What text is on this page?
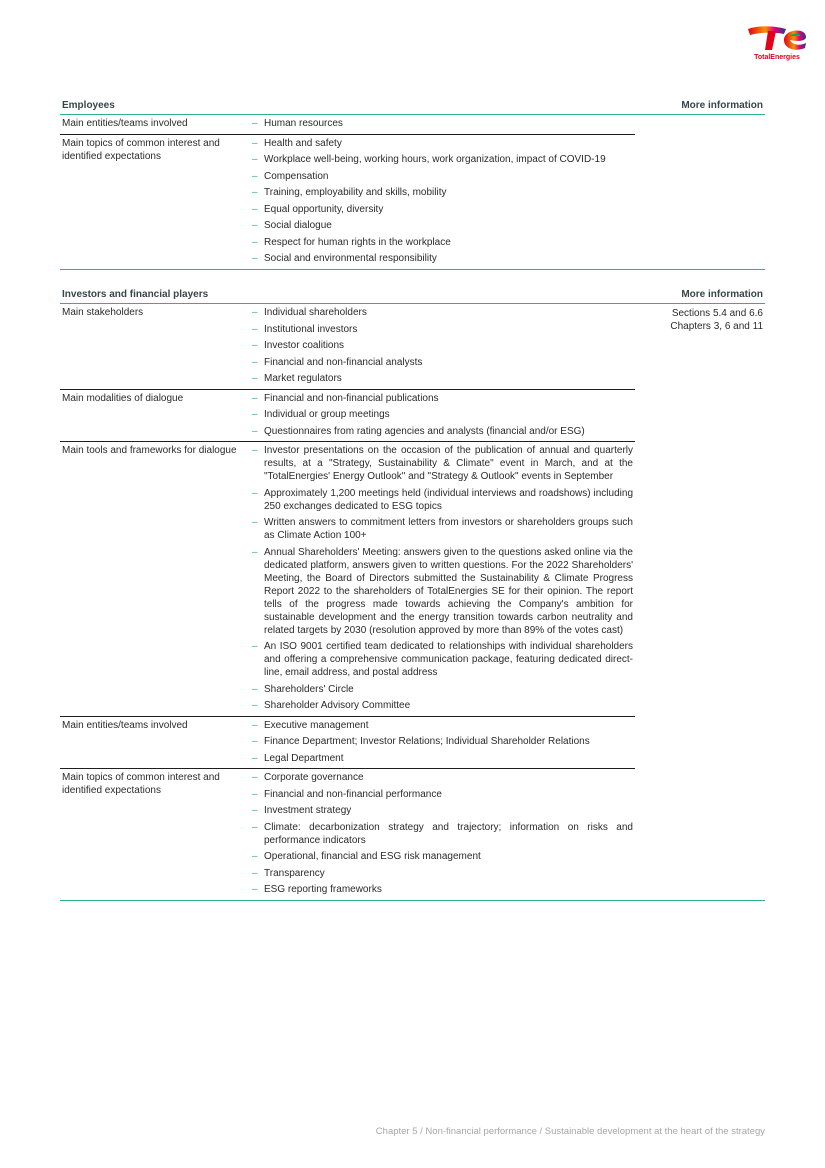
TotalEnergies
Employees	More information
Main entities/teams involved	– Human resources
Main topics of common interest and identified expectations
– Health and safety
– Workplace well-being, working hours, work organization, impact of COVID-19
– Compensation
– Training, employability and skills, mobility
– Equal opportunity, diversity
– Social dialogue
– Respect for human rights in the workplace
– Social and environmental responsibility
Investors and financial players	More information
Sections 5.4 and 6.6
Chapters 3, 6 and 11
Main stakeholders	– Individual shareholders
– Institutional investors
– Investor coalitions
– Financial and non-financial analysts
– Market regulators
Main modalities of dialogue	– Financial and non-financial publications
– Individual or group meetings
– Questionnaires from rating agencies and analysts (financial and/or ESG)
Main tools and frameworks for dialogue	– Investor presentations on the occasion of the publication of annual and quarterly results, at a "Strategy, Sustainability & Climate" event in March, and at the "TotalEnergies' Energy Outlook" and "Strategy & Outlook" events in September
– Approximately 1,200 meetings held (individual interviews and roadshows) including 250 exchanges dedicated to ESG topics
– Written answers to commitment letters from investors or shareholders groups such as Climate Action 100+
– Annual Shareholders' Meeting: answers given to the questions asked online via the dedicated platform, answers given to written questions. For the 2022 Shareholders' Meeting, the Board of Directors submitted the Sustainability & Climate Progress Report 2022 to the shareholders of TotalEnergies SE for their opinion. The report tells of the progress made towards achieving the Company's ambition for sustainable development and the energy transition towards carbon neutrality and related targets by 2030 (resolution approved by more than 89% of the votes cast)
– An ISO 9001 certified team dedicated to relationships with individual shareholders and offering a comprehensive communication package, featuring dedicated direct-line, email address, and postal address
– Shareholders' Circle
– Shareholder Advisory Committee
Main entities/teams involved	– Executive management
– Finance Department; Investor Relations; Individual Shareholder Relations
– Legal Department
Main topics of common interest and identified expectations
– Corporate governance
– Financial and non-financial performance
– Investment strategy
– Climate: decarbonization strategy and trajectory; information on risks and performance indicators
– Operational, financial and ESG risk management
– Transparency
– ESG reporting frameworks
Chapter 5 / Non-financial performance / Sustainable development at the heart of the strategy
